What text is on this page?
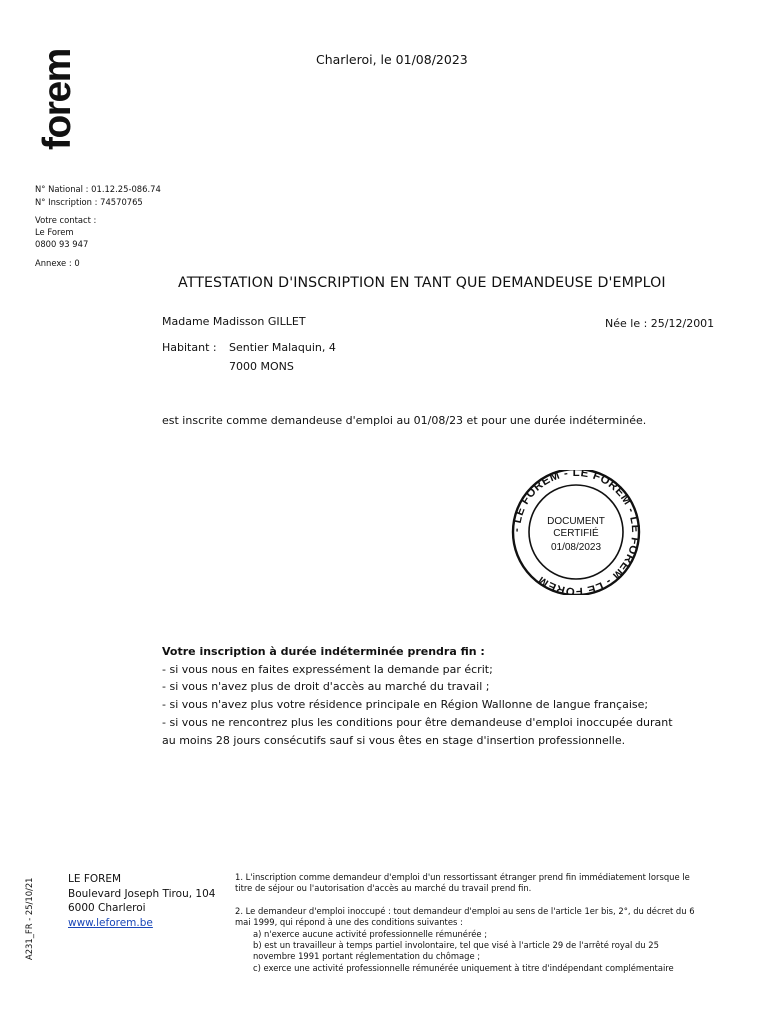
forem	Charleroi, le 01/08/2023
N° National : 01.12.25-086.74
N° Inscription : 74570765
Votre contact :
Le Forem
0800 93 947
Annexe : 0
ATTESTATION D'INSCRIPTION EN TANT QUE DEMANDEUSE D'EMPLOI
Madame Madisson GILLET	Née le : 25/12/2001
Habitant : Sentier Malaquin, 4
7000 MONS
est inscrite comme demandeuse d'emploi au 01/08/23 et pour une durée indéterminée.
- LE FOREM - LE FOREM - LE FOREM - LE FOREM
DOCUMENT
CERTIFIÉ
01/08/2023
Votre inscription à durée indéterminée prendra fin :
- si vous nous en faites expressément la demande par écrit;
- si vous n'avez plus de droit d'accès au marché du travail ;
- si vous n'avez plus votre résidence principale en Région Wallonne de langue française;
- si vous ne rencontrez plus les conditions pour être demandeuse d'emploi inoccupée durant
au moins 28 jours consécutifs sauf si vous êtes en stage d'insertion professionnelle.
A231_FR - 25/10/21	LE FOREM
Boulevard Joseph Tirou, 104
6000 Charleroi
www.leforem.be

1. L'inscription comme demandeur d'emploi d'un ressortissant étranger prend fin immédiatement lorsque le titre de séjour ou l'autorisation d'accès au marché du travail prend fin.

2. Le demandeur d'emploi inoccupé : tout demandeur d'emploi au sens de l'article 1er bis, 2°, du décret du 6 mai 1999, qui répond à une des conditions suivantes :

a) n'exerce aucune activité professionnelle rémunérée ;
b) est un travailleur à temps partiel involontaire, tel que visé à l'article 29 de l'arrêté royal du 25 novembre 1991 portant réglementation du chômage ;
c) exerce une activité professionnelle rémunérée uniquement à titre d'indépendant complémentaire
